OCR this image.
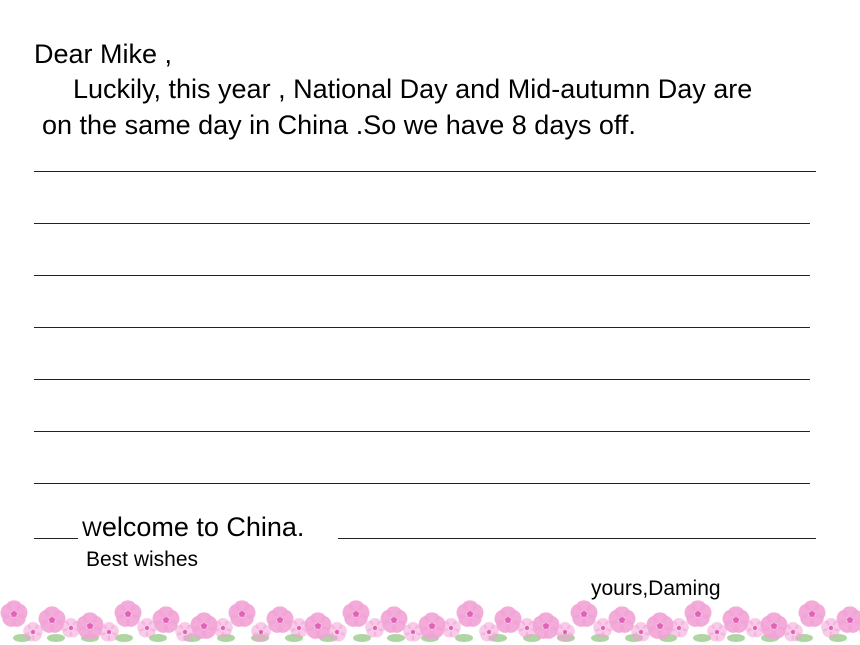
Dear Mike ,
Luckily, this year , National Day and Mid-autumn Day are
on the same day in China .So we have 8 days off.
Welcome to China.
Best wishes
yours,Daming
